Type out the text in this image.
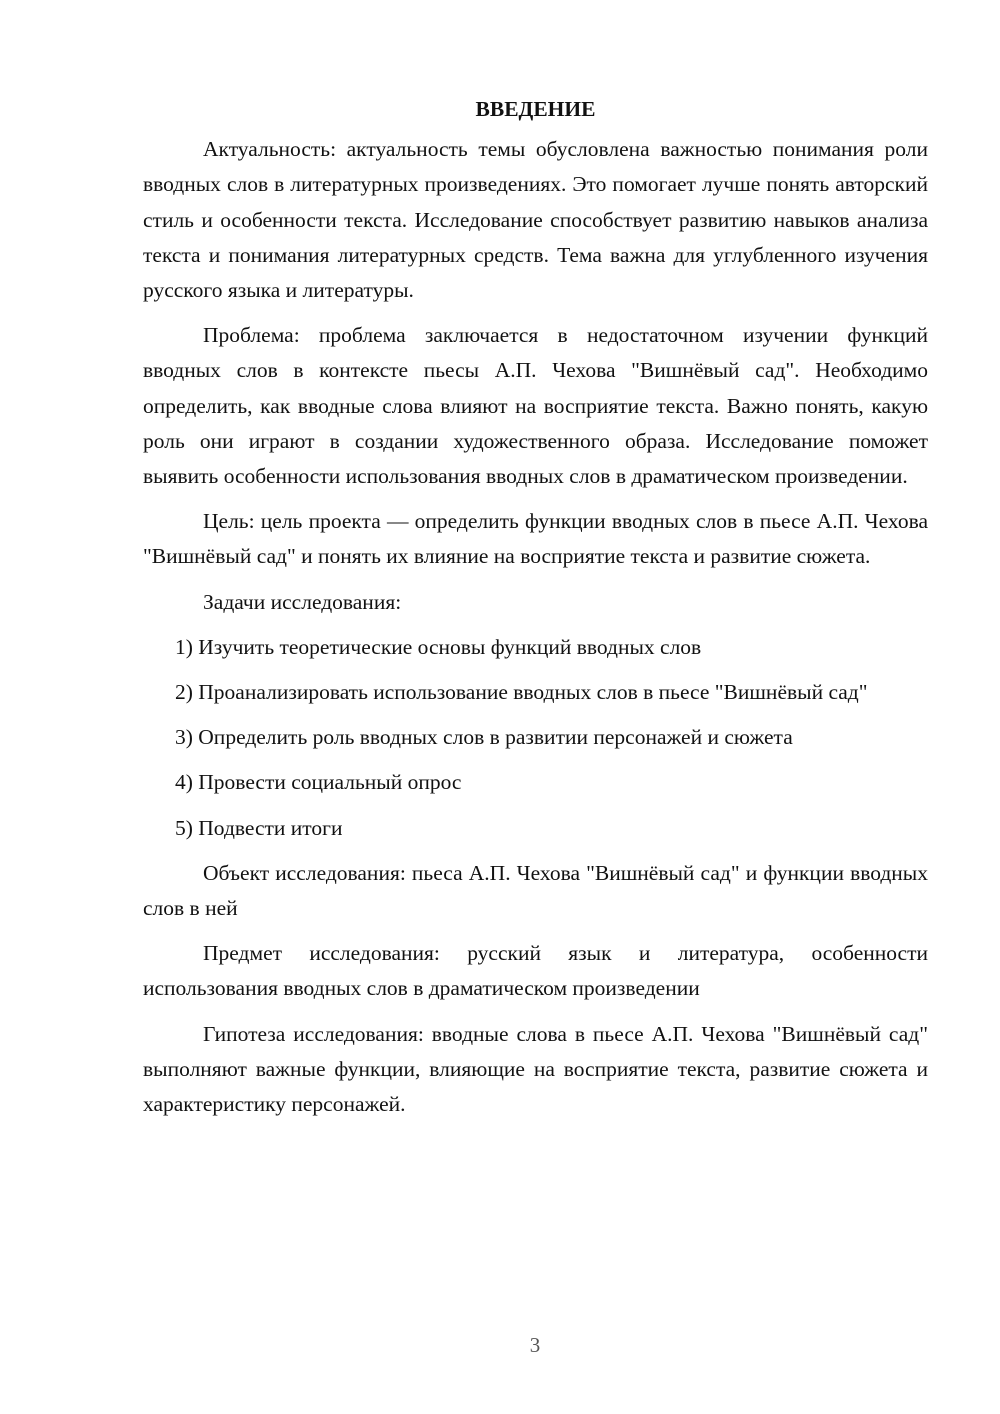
ВВЕДЕНИЕ

Актуальность: актуальность темы обусловлена важностью понимания роли вводных слов в литературных произведениях. Это помогает лучше понять авторский стиль и особенности текста. Исследование способствует развитию навыков анализа текста и понимания литературных средств. Тема важна для углубленного изучения русского языка и литературы.

Проблема: проблема заключается в недостаточном изучении функций вводных слов в контексте пьесы А.П. Чехова "Вишнёвый сад". Необходимо определить, как вводные слова влияют на восприятие текста. Важно понять, какую роль они играют в создании художественного образа. Исследование поможет выявить особенности использования вводных слов в драматическом произведении.

Цель: цель проекта — определить функции вводных слов в пьесе А.П. Чехова "Вишнёвый сад" и понять их влияние на восприятие текста и развитие сюжета.

Задачи исследования:

1) Изучить теоретические основы функций вводных слов

2) Проанализировать использование вводных слов в пьесе "Вишнёвый сад"

3) Определить роль вводных слов в развитии персонажей и сюжета

4) Провести социальный опрос

5) Подвести итоги

Объект исследования: пьеса А.П. Чехова "Вишнёвый сад" и функции вводных слов в ней

Предмет исследования: русский язык и литература, особенности использования вводных слов в драматическом произведении

Гипотеза исследования: вводные слова в пьесе А.П. Чехова "Вишнёвый сад" выполняют важные функции, влияющие на восприятие текста, развитие сюжета и характеристику персонажей.

3
